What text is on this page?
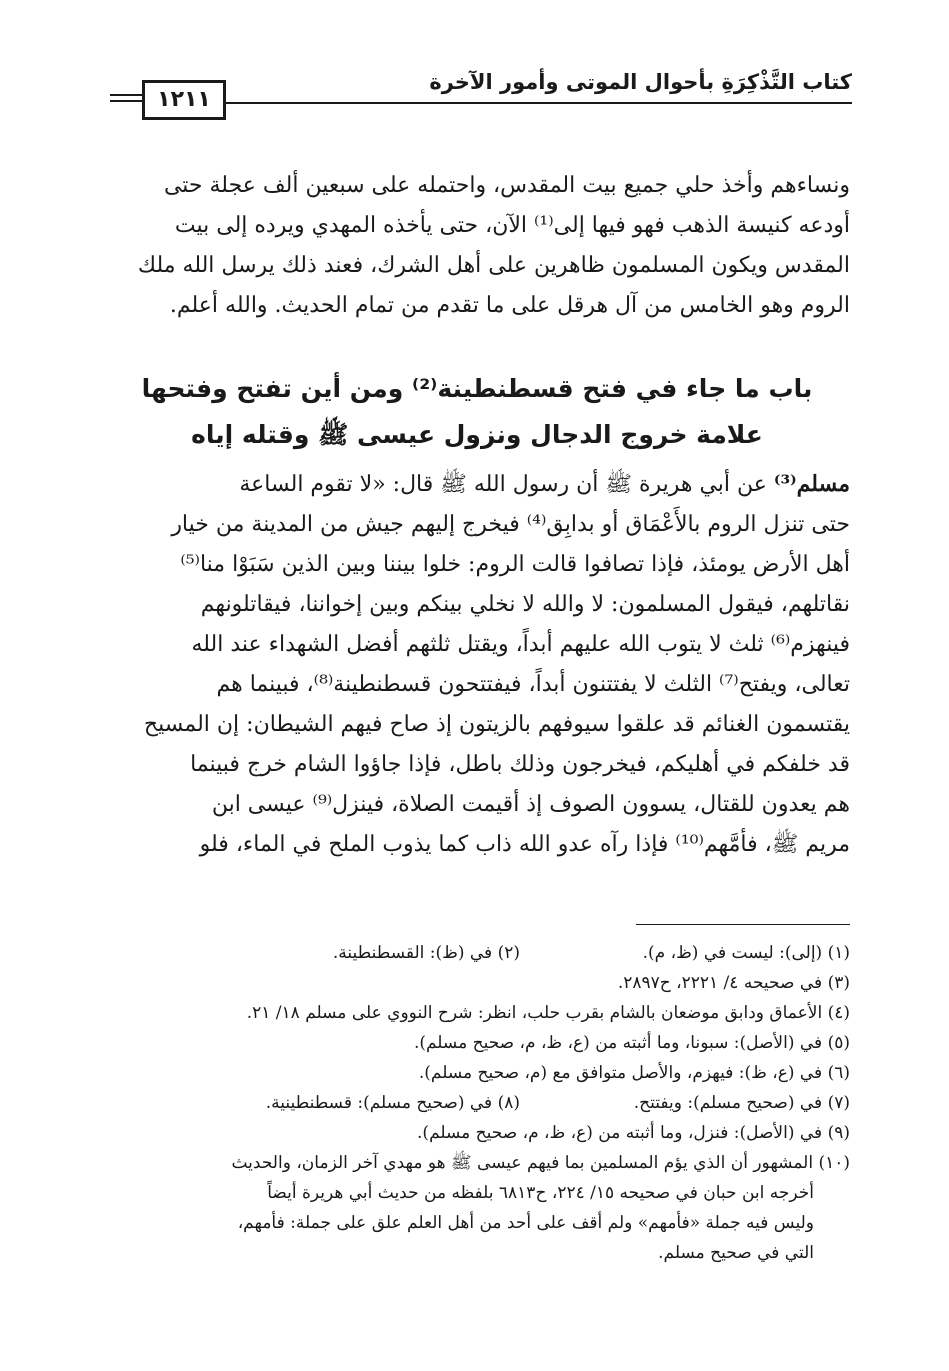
كتاب التَّذْكِرَةِ بأحوال الموتى وأمور الآخرة
١٢١١

ونساءهم وأخذ حلي جميع بيت المقدس، واحتمله على سبعين ألف عجلة حتى

أودعه كنيسة الذهب فهو فيها إلى⁽¹⁾ الآن، حتى يأخذه المهدي ويرده إلى بيت

المقدس ويكون المسلمون ظاهرين على أهل الشرك، فعند ذلك يرسل الله ملك

الروم وهو الخامس من آل هرقل على ما تقدم من تمام الحديث. والله أعلم.

باب ما جاء في فتح قسطنطينة⁽²⁾ ومن أين تفتح وفتحها
علامة خروج الدجال ونزول عيسى ﷺ وقتله إياه

مسلم⁽³⁾ عن أبي هريرة ﷺ أن رسول الله ﷺ قال: «لا تقوم الساعة

حتى تنزل الروم بالأَعْمَاق أو بدابِق⁽⁴⁾ فيخرج إليهم جيش من المدينة من خيار

أهل الأرض يومئذ، فإذا تصافوا قالت الروم: خلوا بيننا وبين الذين سَبَوْا منا⁽⁵⁾

نقاتلهم، فيقول المسلمون: لا والله لا نخلي بينكم وبين إخواننا، فيقاتلونهم

فينهزم⁽⁶⁾ ثلث لا يتوب الله عليهم أبداً، ويقتل ثلثهم أفضل الشهداء عند الله

تعالى، ويفتح⁽⁷⁾ الثلث لا يفتتنون أبداً، فيفتتحون قسطنطينة⁽⁸⁾، فبينما هم

يقتسمون الغنائم قد علقوا سيوفهم بالزيتون إذ صاح فيهم الشيطان: إن المسيح

قد خلفكم في أهليكم، فيخرجون وذلك باطل، فإذا جاؤوا الشام خرج فبينما

هم يعدون للقتال، يسوون الصوف إذ أقيمت الصلاة، فينزل⁽⁹⁾ عيسى ابن

مريم ﷺ، فأمَّهم⁽¹⁰⁾ فإذا رآه عدو الله ذاب كما يذوب الملح في الماء، فلو

(١) (إلى): ليست في (ظ، م).
(٢) في (ظ): القسطنطينة.
(٣) في صحيحه ٤/ ٢٢٢١، ح٢٨٩٧.
(٤) الأعماق ودابق موضعان بالشام بقرب حلب، انظر: شرح النووي على مسلم ١٨/ ٢١.
(٥) في (الأصل): سبونا، وما أثبته من (ع، ظ، م، صحيح مسلم).
(٦) في (ع، ظ): فيهزم، والأصل متوافق مع (م، صحيح مسلم).
(٧) في (صحيح مسلم): ويفتتح.
(٨) في (صحيح مسلم): قسطنطينية.
(٩) في (الأصل): فنزل، وما أثبته من (ع، ظ، م، صحيح مسلم).
(١٠) المشهور أن الذي يؤم المسلمين بما فيهم عيسى ﷺ هو مهدي آخر الزمان، والحديث
أخرجه ابن حبان في صحيحه ١٥/ ٢٢٤، ح٦٨١٣ بلفظه من حديث أبي هريرة أيضاً
وليس فيه جملة «فأمهم» ولم أقف على أحد من أهل العلم علق على جملة: فأمهم،
التي في صحيح مسلم.
